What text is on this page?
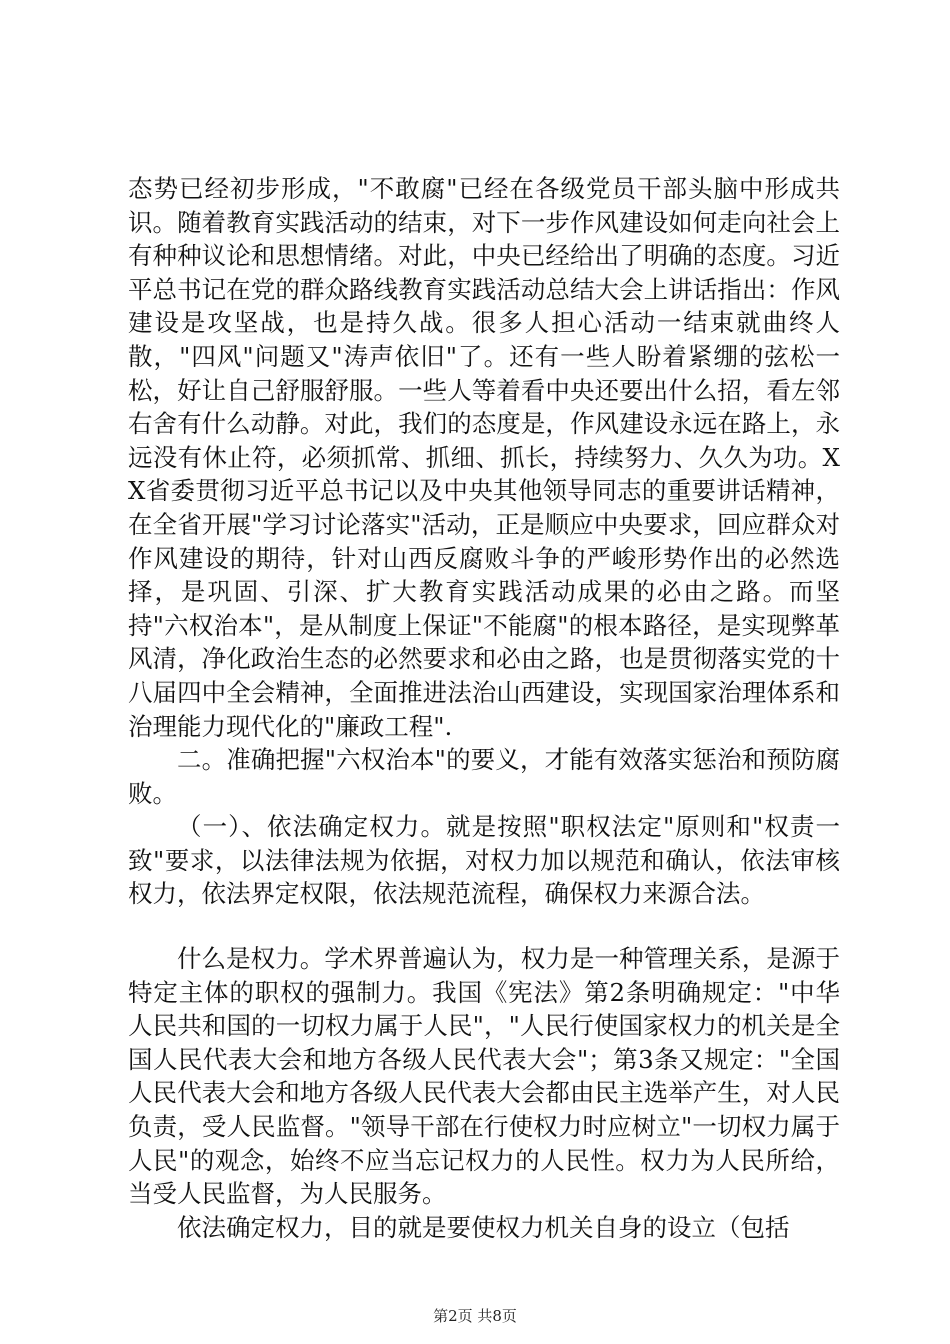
态势已经初步形成，"不敢腐"已经在各级党员干部头脑中形成共识。随着教育实践活动的结束，对下一步作风建设如何走向社会上有种种议论和思想情绪。对此，中央已经给出了明确的态度。习近平总书记在党的群众路线教育实践活动总结大会上讲话指出：作风建设是攻坚战，也是持久战。很多人担心活动一结束就曲终人散，"四风"问题又"涛声依旧"了。还有一些人盼着紧绷的弦松一松，好让自己舒服舒服。一些人等着看中央还要出什么招，看左邻右舍有什么动静。对此，我们的态度是，作风建设永远在路上，永远没有休止符，必须抓常、抓细、抓长，持续努力、久久为功。XX省委贯彻习近平总书记以及中央其他领导同志的重要讲话精神，在全省开展"学习讨论落实"活动，正是顺应中央要求，回应群众对作风建设的期待，针对山西反腐败斗争的严峻形势作出的必然选择，是巩固、引深、扩大教育实践活动成果的必由之路。而坚持"六权治本"，是从制度上保证"不能腐"的根本路径，是实现弊革风清，净化政治生态的必然要求和必由之路，也是贯彻落实党的十八届四中全会精神，全面推进法治山西建设，实现国家治理体系和治理能力现代化的"廉政工程".

二。准确把握"六权治本"的要义，才能有效落实惩治和预防腐败。

（一）、依法确定权力。就是按照"职权法定"原则和"权责一致"要求，以法律法规为依据，对权力加以规范和确认，依法审核权力，依法界定权限，依法规范流程，确保权力来源合法。

什么是权力。学术界普遍认为，权力是一种管理关系，是源于特定主体的职权的强制力。我国《宪法》第2条明确规定："中华人民共和国的一切权力属于人民"，"人民行使国家权力的机关是全国人民代表大会和地方各级人民代表大会"；第3条又规定："全国人民代表大会和地方各级人民代表大会都由民主选举产生，对人民负责，受人民监督。"领导干部在行使权力时应树立"一切权力属于人民"的观念，始终不应当忘记权力的人民性。权力为人民所给，当受人民监督，为人民服务。

依法确定权力，目的就是要使权力机关自身的设立（包括

第2页 共8页
